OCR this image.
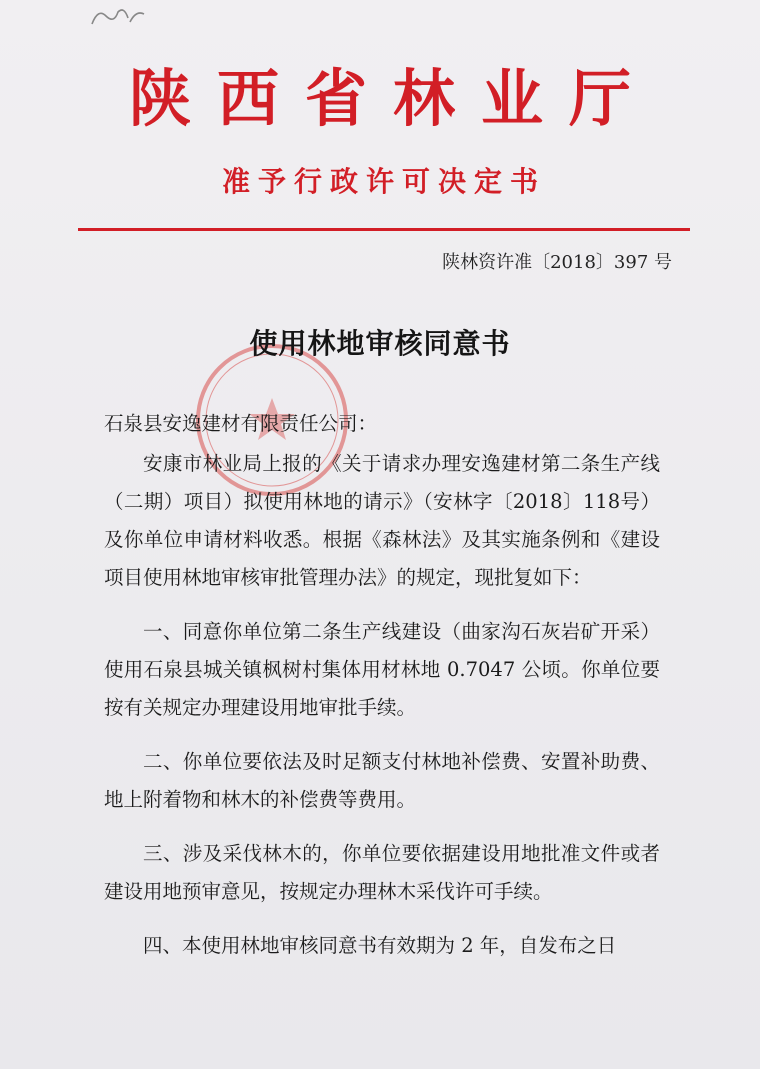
陕西省林业厅
准予行政许可决定书
陕林资许准〔2018〕397 号
使用林地审核同意书

石泉县安逸建材有限责任公司：

安康市林业局上报的《关于请求办理安逸建材第二条生产线（二期）项目）拟使用林地的请示》（安林字〔2018〕118号）及你单位申请材料收悉。根据《森林法》及其实施条例和《建设项目使用林地审核审批管理办法》的规定，现批复如下：

一、同意你单位第二条生产线建设（曲家沟石灰岩矿开采）使用石泉县城关镇枫树村集体用材林地 0.7047 公顷。你单位要按有关规定办理建设用地审批手续。

二、你单位要依法及时足额支付林地补偿费、安置补助费、地上附着物和林木的补偿费等费用。

三、涉及采伐林木的，你单位要依据建设用地批准文件或者建设用地预审意见，按规定办理林木采伐许可手续。

四、本使用林地审核同意书有效期为 2 年，自发布之日
